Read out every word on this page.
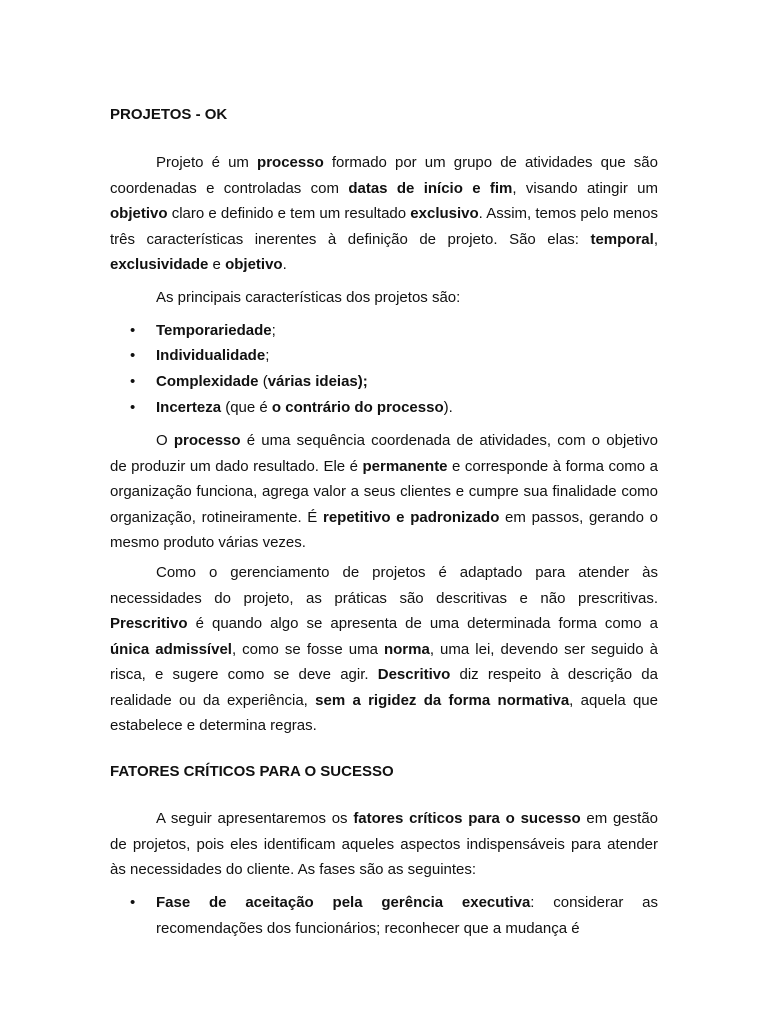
PROJETOS - OK

Projeto é um processo formado por um grupo de atividades que são coordenadas e controladas com datas de início e fim, visando atingir um objetivo claro e definido e tem um resultado exclusivo. Assim, temos pelo menos três características inerentes à definição de projeto. São elas: temporal, exclusividade e objetivo.

As principais características dos projetos são:

• Temporariedade;
• Individualidade;
• Complexidade (várias ideias);
• Incerteza (que é o contrário do processo).

O processo é uma sequência coordenada de atividades, com o objetivo de produzir um dado resultado. Ele é permanente e corresponde à forma como a organização funciona, agrega valor a seus clientes e cumpre sua finalidade como organização, rotineiramente. É repetitivo e padronizado em passos, gerando o mesmo produto várias vezes.

Como o gerenciamento de projetos é adaptado para atender às necessidades do projeto, as práticas são descritivas e não prescritivas. Prescritivo é quando algo se apresenta de uma determinada forma como a única admissível, como se fosse uma norma, uma lei, devendo ser seguido à risca, e sugere como se deve agir. Descritivo diz respeito à descrição da realidade ou da experiência, sem a rigidez da forma normativa, aquela que estabelece e determina regras.

FATORES CRÍTICOS PARA O SUCESSO

A seguir apresentaremos os fatores críticos para o sucesso em gestão de projetos, pois eles identificam aqueles aspectos indispensáveis para atender às necessidades do cliente. As fases são as seguintes:

• Fase de aceitação pela gerência executiva: considerar as recomendações dos funcionários; reconhecer que a mudança é
